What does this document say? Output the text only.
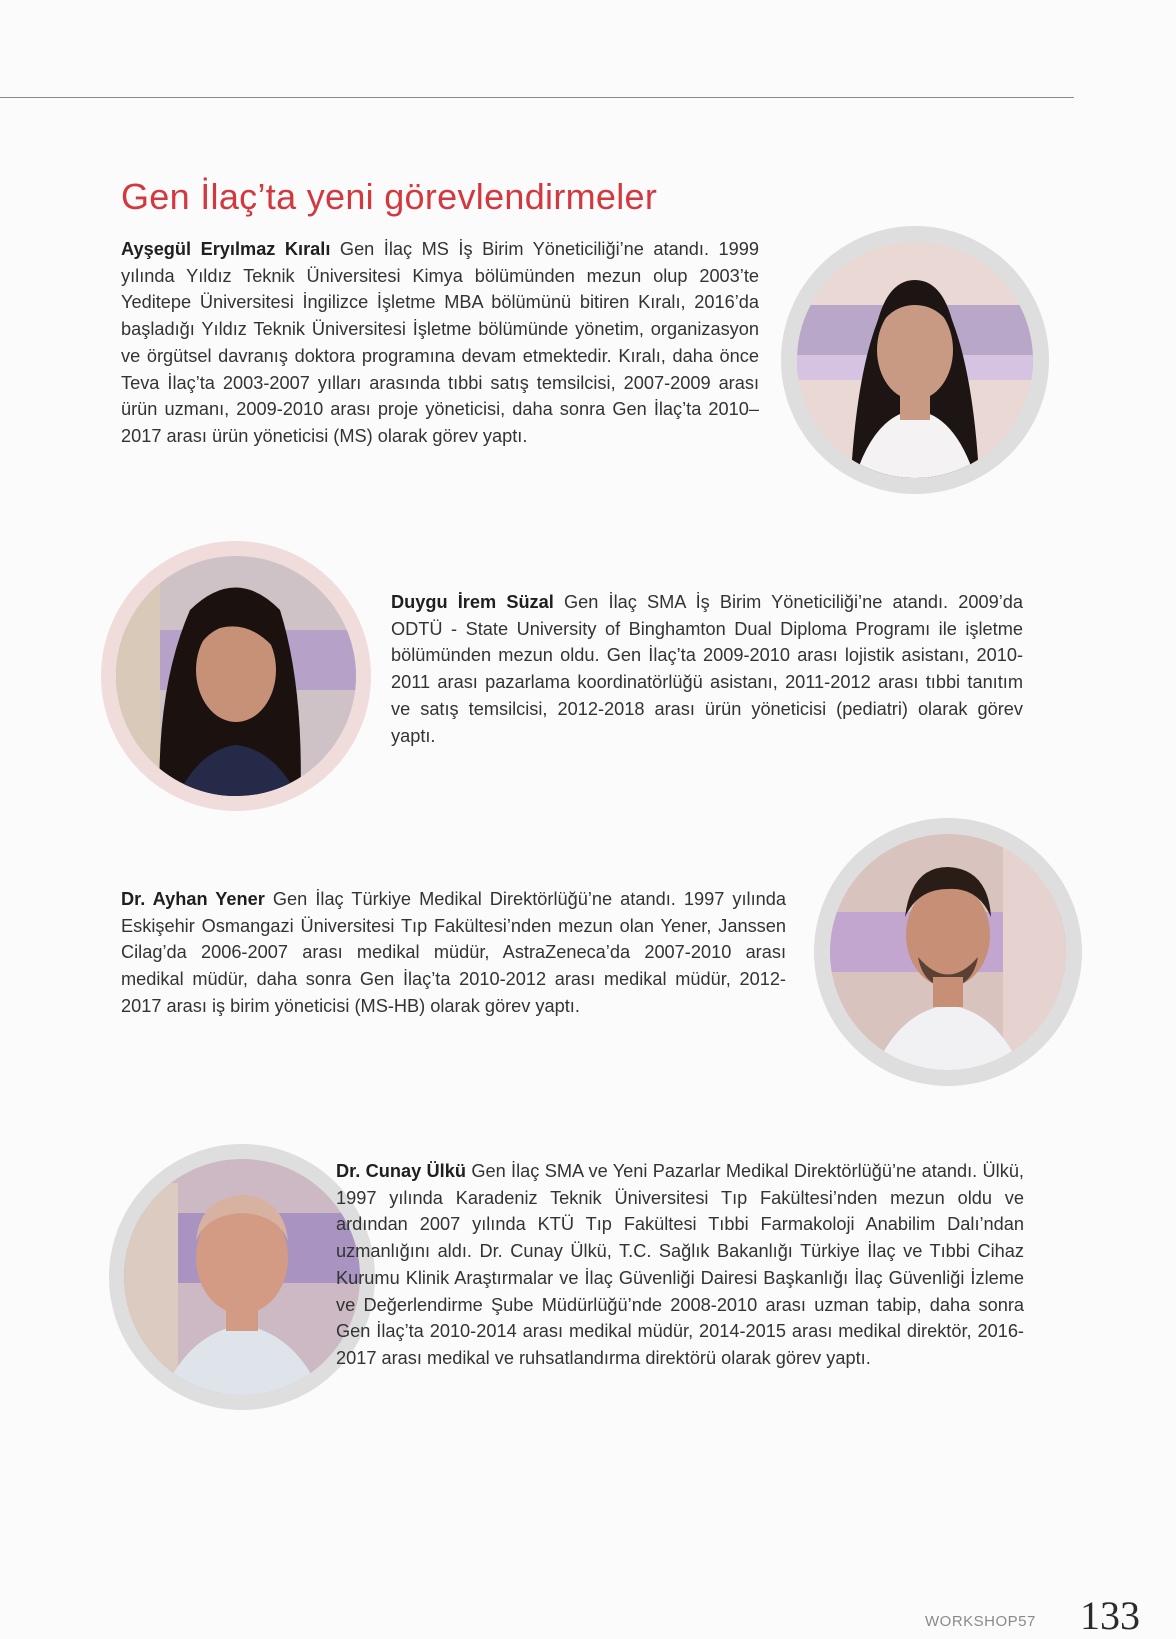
Gen İlaç’ta yeni görevlendirmeler

Ayşegül Eryılmaz Kıralı Gen İlaç MS İş Birim Yöneticiliği’ne atandı. 1999 yılında Yıldız Teknik Üniversitesi Kimya bölümünden mezun olup 2003’te Yeditepe Üniversitesi İngilizce İşletme MBA bölümünü bitiren Kıralı, 2016’da başladığı Yıldız Teknik Üniversitesi İşletme bölümünde yönetim, organizasyon ve örgütsel davranış doktora programına devam etmektedir. Kıralı, daha önce Teva İlaç’ta 2003-2007 yılları arasında tıbbi satış temsilcisi, 2007-2009 arası ürün uzmanı, 2009-2010 arası proje yöneticisi, daha sonra Gen İlaç’ta 2010–2017 arası ürün yöneticisi (MS) olarak görev yaptı.

Duygu İrem Süzal Gen İlaç SMA İş Birim Yöneticiliği’ne atandı. 2009’da ODTÜ - State University of Binghamton Dual Diploma Programı ile işletme bölümünden mezun oldu. Gen İlaç’ta 2009-2010 arası lojistik asistanı, 2010-2011 arası pazarlama koordinatörlüğü asistanı, 2011-2012 arası tıbbi tanıtım ve satış temsilcisi, 2012-2018 arası ürün yöneticisi (pediatri) olarak görev yaptı.

Dr. Ayhan Yener Gen İlaç Türkiye Medikal Direktörlüğü’ne atandı. 1997 yılında Eskişehir Osmangazi Üniversitesi Tıp Fakültesi’nden mezun olan Yener, Janssen Cilag’da 2006-2007 arası medikal müdür, AstraZeneca’da 2007-2010 arası medikal müdür, daha sonra Gen İlaç’ta 2010-2012 arası medikal müdür, 2012- 2017 arası iş birim yöneticisi (MS-HB) olarak görev yaptı.

Dr. Cunay Ülkü Gen İlaç SMA ve Yeni Pazarlar Medikal Direktörlüğü’ne atandı. Ülkü, 1997 yılında Karadeniz Teknik Üniversitesi Tıp Fakültesi’nden mezun oldu ve ardından 2007 yılında KTÜ Tıp Fakültesi Tıbbi Farmakoloji Anabilim Dalı’ndan uzmanlığını aldı. Dr. Cunay Ülkü, T.C. Sağlık Bakanlığı Türkiye İlaç ve Tıbbi Cihaz Kurumu Klinik Araştırmalar ve İlaç Güvenliği Dairesi Başkanlığı İlaç Güvenliği İzleme ve Değerlendirme Şube Müdürlüğü’nde 2008-2010 arası uzman tabip, daha sonra Gen İlaç’ta 2010-2014 arası medikal müdür, 2014-2015 arası medikal direktör, 2016-2017 arası medikal ve ruhsatlandırma direktörü olarak görev yaptı.

WORKSHOP57 133
